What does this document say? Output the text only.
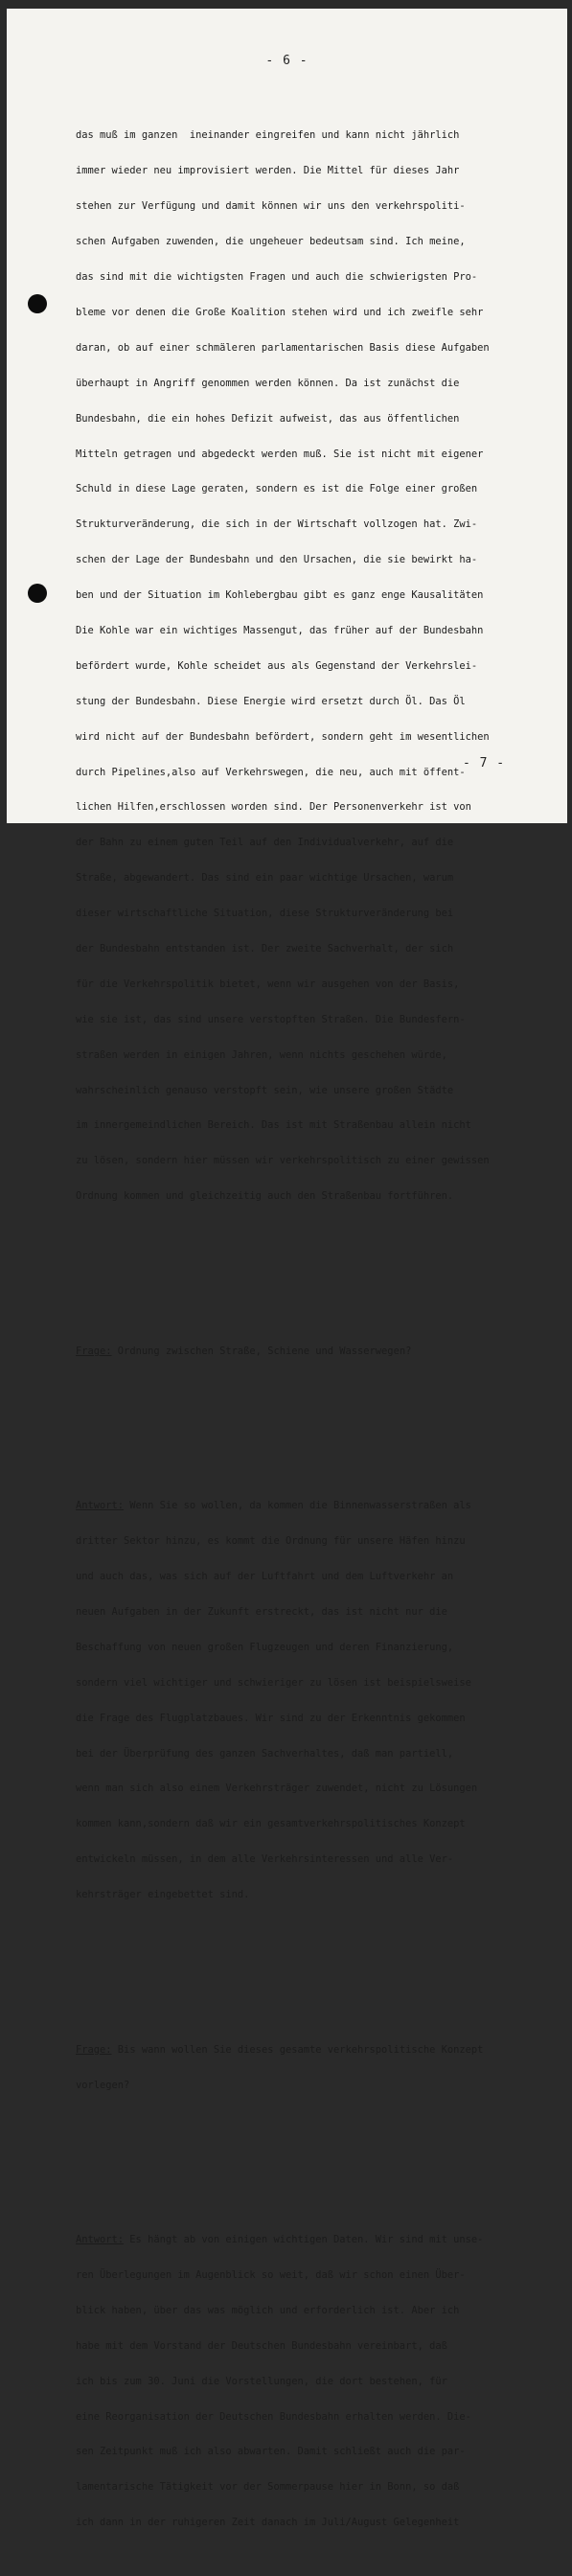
- 6 -

das muß im ganzen  ineinander eingreifen und kann nicht jährlich

immer wieder neu improvisiert werden. Die Mittel für dieses Jahr

stehen zur Verfügung und damit können wir uns den verkehrspoliti-

schen Aufgaben zuwenden, die ungeheuer bedeutsam sind. Ich meine,

das sind mit die wichtigsten Fragen und auch die schwierigsten Pro-

bleme vor denen die Große Koalition stehen wird und ich zweifle sehr

daran, ob auf einer schmäleren parlamentarischen Basis diese Aufgaben

überhaupt in Angriff genommen werden können. Da ist zunächst die

Bundesbahn, die ein hohes Defizit aufweist, das aus öffentlichen

Mitteln getragen und abgedeckt werden muß. Sie ist nicht mit eigener

Schuld in diese Lage geraten, sondern es ist die Folge einer großen

Strukturveränderung, die sich in der Wirtschaft vollzogen hat. Zwi-

schen der Lage der Bundesbahn und den Ursachen, die sie bewirkt ha-

ben und der Situation im Kohlebergbau gibt es ganz enge Kausalitäten

Die Kohle war ein wichtiges Massengut, das früher auf der Bundesbahn

befördert wurde, Kohle scheidet aus als Gegenstand der Verkehrslei-

stung der Bundesbahn. Diese Energie wird ersetzt durch Öl. Das Öl

wird nicht auf der Bundesbahn befördert, sondern geht im wesentlichen

durch Pipelines,also auf Verkehrswegen, die neu, auch mit öffent-

lichen Hilfen,erschlossen worden sind. Der Personenverkehr ist von

der Bahn zu einem guten Teil auf den Individualverkehr, auf die

Straße, abgewandert. Das sind ein paar wichtige Ursachen, warum

dieser wirtschaftliche Situation, diese Strukturveränderung bei

der Bundesbahn entstanden ist. Der zweite Sachverhalt, der sich

für die Verkehrspolitik bietet, wenn wir ausgehen von der Basis,

wie sie ist, das sind unsere verstopften Straßen. Die Bundesfern-

straßen werden in einigen Jahren, wenn nichts geschehen würde,

wahrscheinlich genauso verstopft sein, wie unsere großen Städte

im innergemeindlichen Bereich. Das ist mit Straßenbau allein nicht

zu lösen, sondern hier müssen wir verkehrspolitisch zu einer gewissen

Ordnung kommen und gleichzeitig auch den Straßenbau fortführen.

Frage: Ordnung zwischen Straße, Schiene und Wasserwegen?

Antwort: Wenn Sie so wollen, da kommen die Binnenwasserstraßen als

dritter Sektor hinzu, es kommt die Ordnung für unsere Häfen hinzu

und auch das, was sich auf der Luftfahrt und dem Luftverkehr an

neuen Aufgaben in der Zukunft erstreckt, das ist nicht nur die

Beschaffung von neuen großen Flugzeugen und deren Finanzierung,

sondern viel wichtiger und schwieriger zu lösen ist beispielsweise

die Frage des Flugplatzbaues. Wir sind zu der Erkenntnis gekommen

bei der Überprüfung des ganzen Sachverhaltes, daß man partiell,

wenn man sich also einem Verkehrsträger zuwendet, nicht zu Lösungen

kommen kann,sondern daß wir ein gesamtverkehrspolitisches Konzept

entwickeln müssen, in dem alle Verkehrsinteressen und alle Ver-

kehrsträger eingebettet sind.

Frage: Bis wann wollen Sie dieses gesamte verkehrspolitische Konzept

vorlegen?

Antwort: Es hängt ab von einigen wichtigen Daten. Wir sind mit unse-

ren Überlegungen im Augenblick so weit, daß wir schon einen Über-

blick haben, über das was möglich und erforderlich ist. Aber ich

habe mit dem Vorstand der Deutschen Bundesbahn vereinbart, daß

ich bis zum 30. Juni die Vorstellungen, die dort bestehen, für

eine Reorganisation der Deutschen Bundesbahn erhalten werden. Die-

sen Zeitpunkt muß ich also abwarten. Damit schließt auch die par-

lamentarische Tätigkeit vor der Sommerpause hier in Bonn, so daß

ich dann in der ruhigeren Zeit danach im Juli/August Gelegenheit

- 7 -
